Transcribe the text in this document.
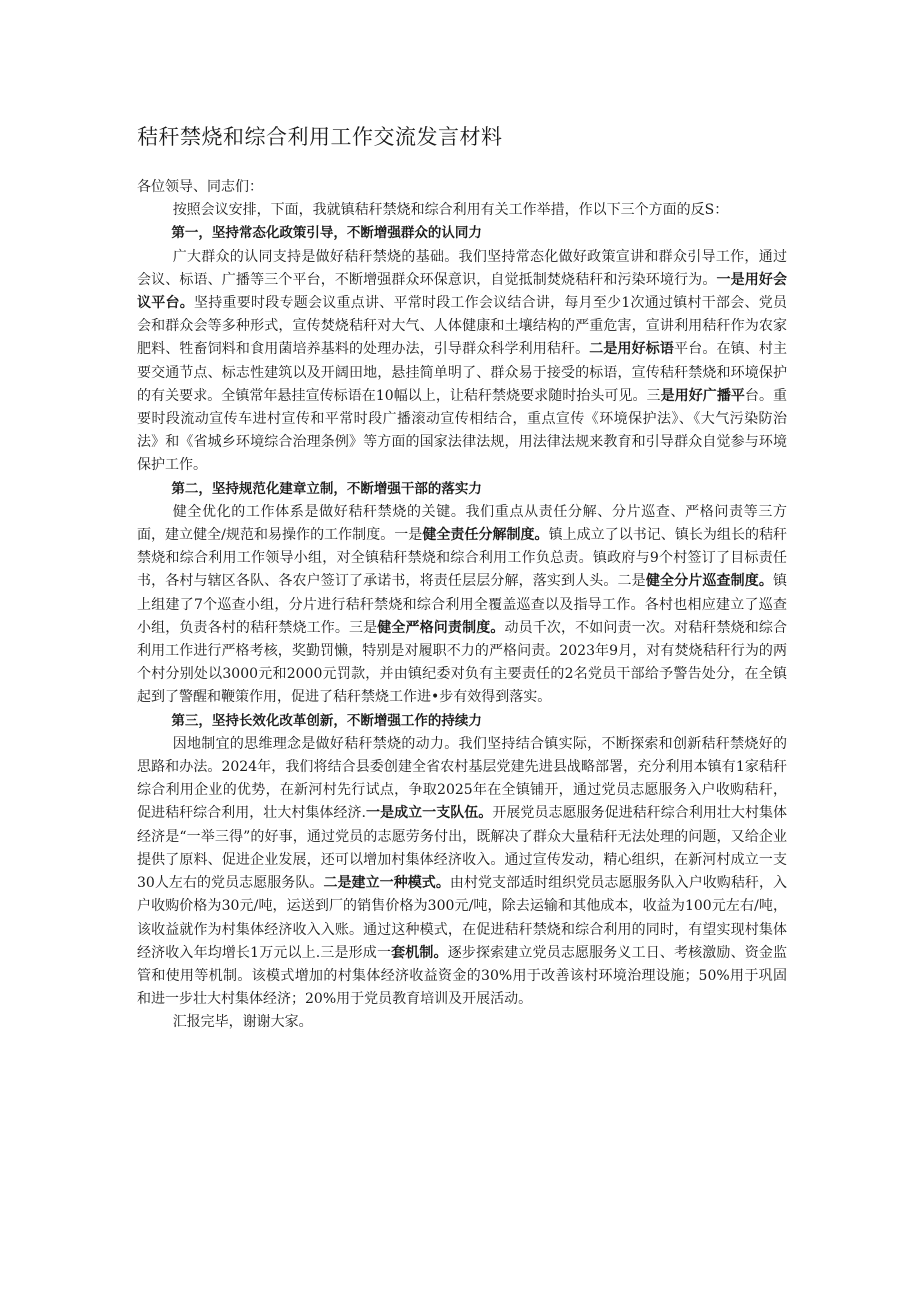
秸秆禁烧和综合利用工作交流发言材料

各位领导、同志们：

按照会议安排，下面，我就镇秸秆禁烧和综合利用有关工作举措，作以下三个方面的反S：

第一，坚持常态化政策引导，不断增强群众的认同力

广大群众的认同支持是做好秸秆禁烧的基础。我们坚持常态化做好政策宣讲和群众引导工作，通过会议、标语、广播等三个平台，不断增强群众环保意识，自觉抵制焚烧秸秆和污染环境行为。一是用好会议平台。坚持重要时段专题会议重点讲、平常时段工作会议结合讲，每月至少1次通过镇村干部会、党员会和群众会等多种形式，宣传焚烧秸秆对大气、人体健康和土壤结构的严重危害，宣讲利用秸秆作为农家肥料、牲畜饲料和食用菌培养基料的处理办法，引导群众科学利用秸秆。二是用好标语平台。在镇、村主要交通节点、标志性建筑以及开阔田地，悬挂简单明了、群众易于接受的标语，宣传秸秆禁烧和环境保护的有关要求。全镇常年悬挂宣传标语在10幅以上，让秸秆禁烧要求随时抬头可见。三是用好广播平台。重要时段流动宣传车进村宣传和平常时段广播滚动宣传相结合，重点宣传《环境保护法》、《大气污染防治法》和《省城乡环境综合治理条例》等方面的国家法律法规，用法律法规来教育和引导群众自觉参与环境保护工作。

第二，坚持规范化建章立制，不断增强干部的落实力

健全优化的工作体系是做好秸秆禁烧的关键。我们重点从责任分解、分片巡查、严格问责等三方面，建立健全/规范和易操作的工作制度。一是健全责任分解制度。镇上成立了以书记、镇长为组长的秸秆禁烧和综合利用工作领导小组，对全镇秸秆禁烧和综合利用工作负总责。镇政府与9个村签订了目标责任书，各村与辖区各队、各农户签订了承诺书，将责任层层分解，落实到人头。二是健全分片巡查制度。镇上组建了7个巡查小组，分片进行秸秆禁烧和综合利用全覆盖巡查以及指导工作。各村也相应建立了巡查小组，负责各村的秸秆禁烧工作。三是健全严格问责制度。动员千次，不如问责一次。对秸秆禁烧和综合利用工作进行严格考核，奖勤罚懒，特别是对履职不力的严格问责。2023年9月，对有焚烧秸秆行为的两个村分别处以3000元和2000元罚款，并由镇纪委对负有主要责任的2名党员干部给予警告处分，在全镇起到了警醒和鞭策作用，促进了秸秆禁烧工作进•步有效得到落实。

第三，坚持长效化改革创新，不断增强工作的持续力

因地制宜的思维理念是做好秸秆禁烧的动力。我们坚持结合镇实际，不断探索和创新秸秆禁烧好的思路和办法。2024年，我们将结合县委创建全省农村基层党建先进县战略部署，充分利用本镇有1家秸秆综合利用企业的优势，在新河村先行试点，争取2025年在全镇铺开，通过党员志愿服务入户收购秸秆，促进秸秆综合利用，壮大村集体经济.一是成立一支队伍。开展党员志愿服务促进秸秆综合利用壮大村集体经济是“一举三得”的好事，通过党员的志愿劳务付出，既解决了群众大量秸秆无法处理的问题，又给企业提供了原料、促进企业发展，还可以增加村集体经济收入。通过宣传发动，精心组织，在新河村成立一支30人左右的党员志愿服务队。二是建立一种模式。由村党支部适时组织党员志愿服务队入户收购秸秆，入户收购价格为30元/吨，运送到厂的销售价格为300元/吨，除去运输和其他成本，收益为100元左右/吨，该收益就作为村集体经济收入入账。通过这种模式，在促进秸秆禁烧和综合利用的同时，有望实现村集体经济收入年均增长1万元以上.三是形成一套机制。逐步探索建立党员志愿服务义工日、考核激励、资金监管和使用等机制。该模式增加的村集体经济收益资金的30%用于改善该村环境治理设施；50%用于巩固和进一步壮大村集体经济；20%用于党员教育培训及开展活动。

汇报完毕，谢谢大家。
